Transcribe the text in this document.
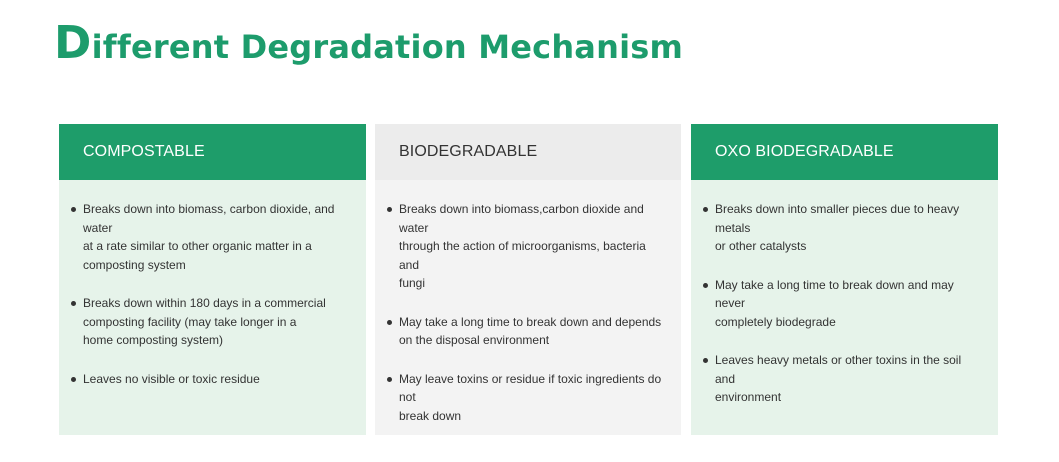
Different Degradation Mechanism
COMPOSTABLE
Breaks down into biomass, carbon dioxide, and water
at a rate similar to other organic matter in a
composting system
Breaks down within 180 days in a commercial
composting facility (may take longer in a
home composting system)
Leaves no visible or toxic residue
BIODEGRADABLE
Breaks down into biomass,carbon dioxide and water
through the action of microorganisms, bacteria and
fungi
May take a long time to break down and depends
on the disposal environment
May leave toxins or residue if toxic ingredients do not
break down
OXO BIODEGRADABLE
Breaks down into smaller pieces due to heavy metals
or other catalysts
May take a long time to break down and may never
completely biodegrade
Leaves heavy metals or other toxins in the soil and
environment
